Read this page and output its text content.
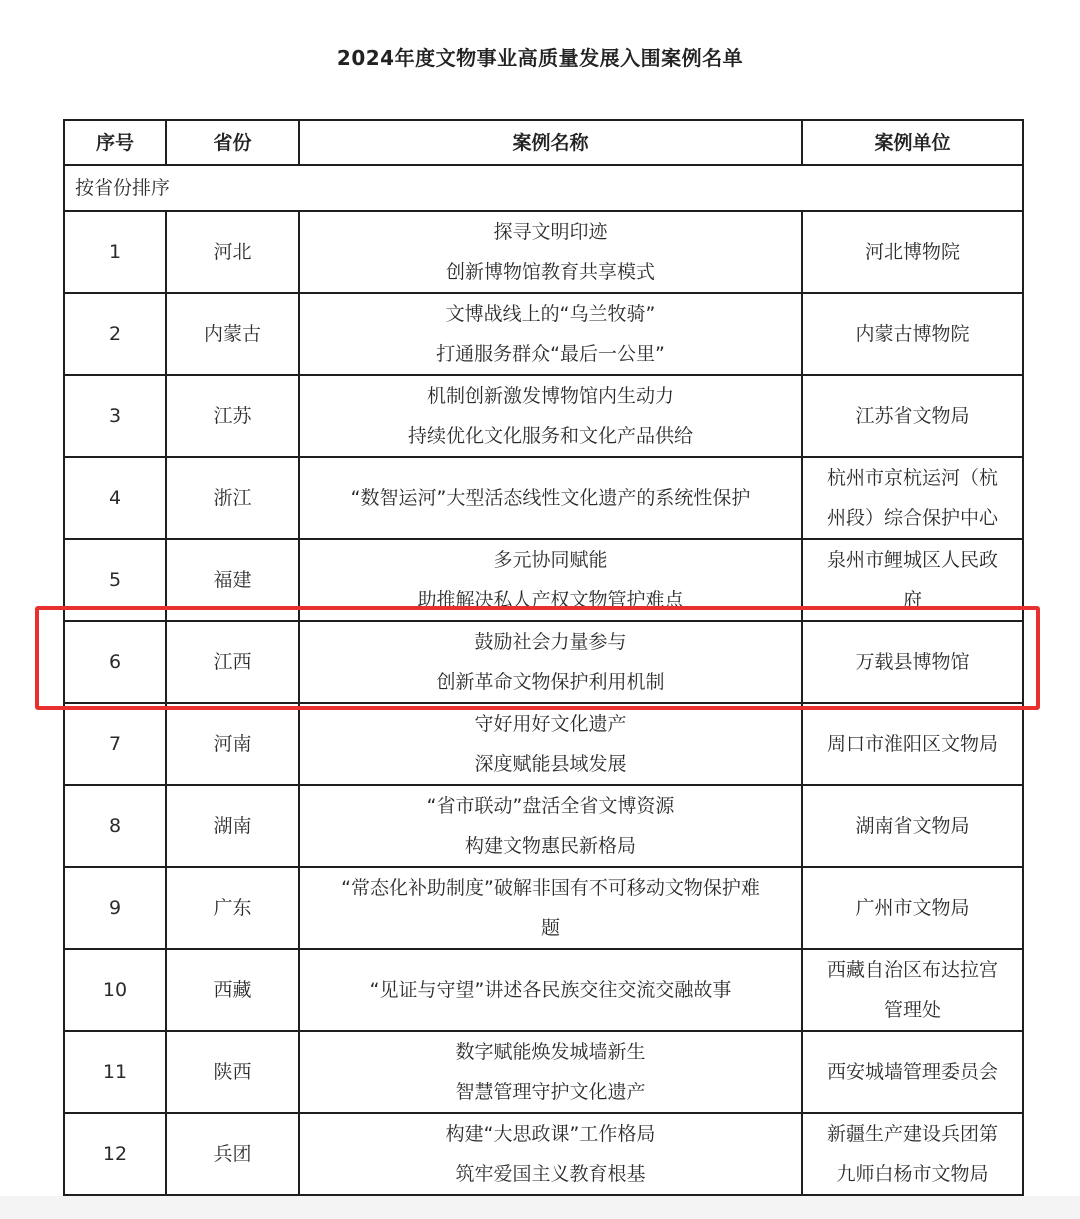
2024年度文物事业高质量发展入围案例名单
序号	省份	案例名称	案例单位
按省份排序			
1	河北	探寻文明印迹
创新博物馆教育共享模式	河北博物院

2	内蒙古	文博战线上的“乌兰牧骑”
打通服务群众“最后一公里”	内蒙古博物院

3	江苏	机制创新激发博物馆内生动力
持续优化文化服务和文化产品供给	江苏省文物局

4	浙江	“数智运河”大型活态线性文化遗产的系统性保护	杭州市京杭运河（杭
州段）综合保护中心

5	福建	多元协同赋能
助推解决私人产权文物管护难点	泉州市鲤城区人民政
府

6	江西	鼓励社会力量参与
创新革命文物保护利用机制	万载县博物馆

7	河南	守好用好文化遗产
深度赋能县域发展	周口市淮阳区文物局

8	湖南	“省市联动”盘活全省文博资源
构建文物惠民新格局	湖南省文物局

9	广东	“常态化补助制度”破解非国有不可移动文物保护难
题	广州市文物局

10	西藏	“见证与守望”讲述各民族交往交流交融故事	西藏自治区布达拉宫
管理处

11	陕西	数字赋能焕发城墙新生
智慧管理守护文化遗产	西安城墙管理委员会

12	兵团	构建“大思政课”工作格局
筑牢爱国主义教育根基	新疆生产建设兵团第
九师白杨市文物局
